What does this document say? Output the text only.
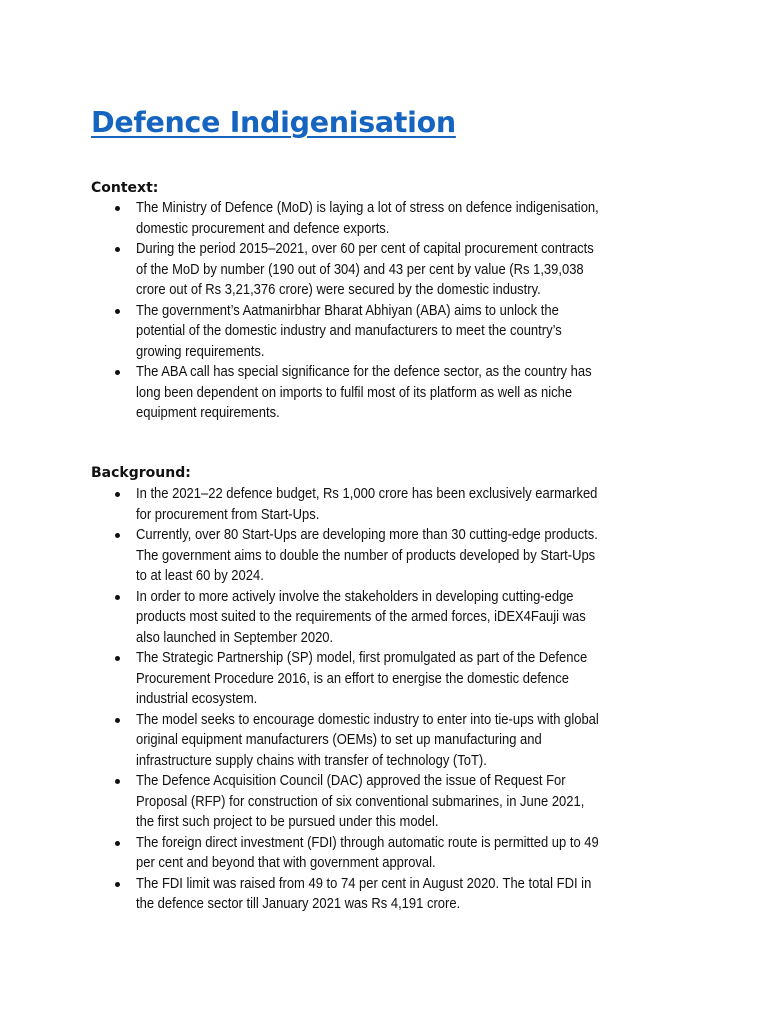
Defence Indigenisation
Context:
The Ministry of Defence (MoD) is laying a lot of stress on defence indigenisation,
domestic procurement and defence exports.
During the period 2015–2021, over 60 per cent of capital procurement contracts
of the MoD by number (190 out of 304) and 43 per cent by value (Rs 1,39,038
crore out of Rs 3,21,376 crore) were secured by the domestic industry.
The government’s Aatmanirbhar Bharat Abhiyan (ABA) aims to unlock the
potential of the domestic industry and manufacturers to meet the country’s
growing requirements.
The ABA call has special significance for the defence sector, as the country has
long been dependent on imports to fulfil most of its platform as well as niche
equipment requirements.
Background:
In the 2021–22 defence budget, Rs 1,000 crore has been exclusively earmarked
for procurement from Start-Ups.
Currently, over 80 Start-Ups are developing more than 30 cutting-edge products.
The government aims to double the number of products developed by Start-Ups
to at least 60 by 2024.
In order to more actively involve the stakeholders in developing cutting-edge
products most suited to the requirements of the armed forces, iDEX4Fauji was
also launched in September 2020.
The Strategic Partnership (SP) model, first promulgated as part of the Defence
Procurement Procedure 2016, is an effort to energise the domestic defence
industrial ecosystem.
The model seeks to encourage domestic industry to enter into tie-ups with global
original equipment manufacturers (OEMs) to set up manufacturing and
infrastructure supply chains with transfer of technology (ToT).
The Defence Acquisition Council (DAC) approved the issue of Request For
Proposal (RFP) for construction of six conventional submarines, in June 2021,
the first such project to be pursued under this model.
The foreign direct investment (FDI) through automatic route is permitted up to 49
per cent and beyond that with government approval.
The FDI limit was raised from 49 to 74 per cent in August 2020. The total FDI in
the defence sector till January 2021 was Rs 4,191 crore.
